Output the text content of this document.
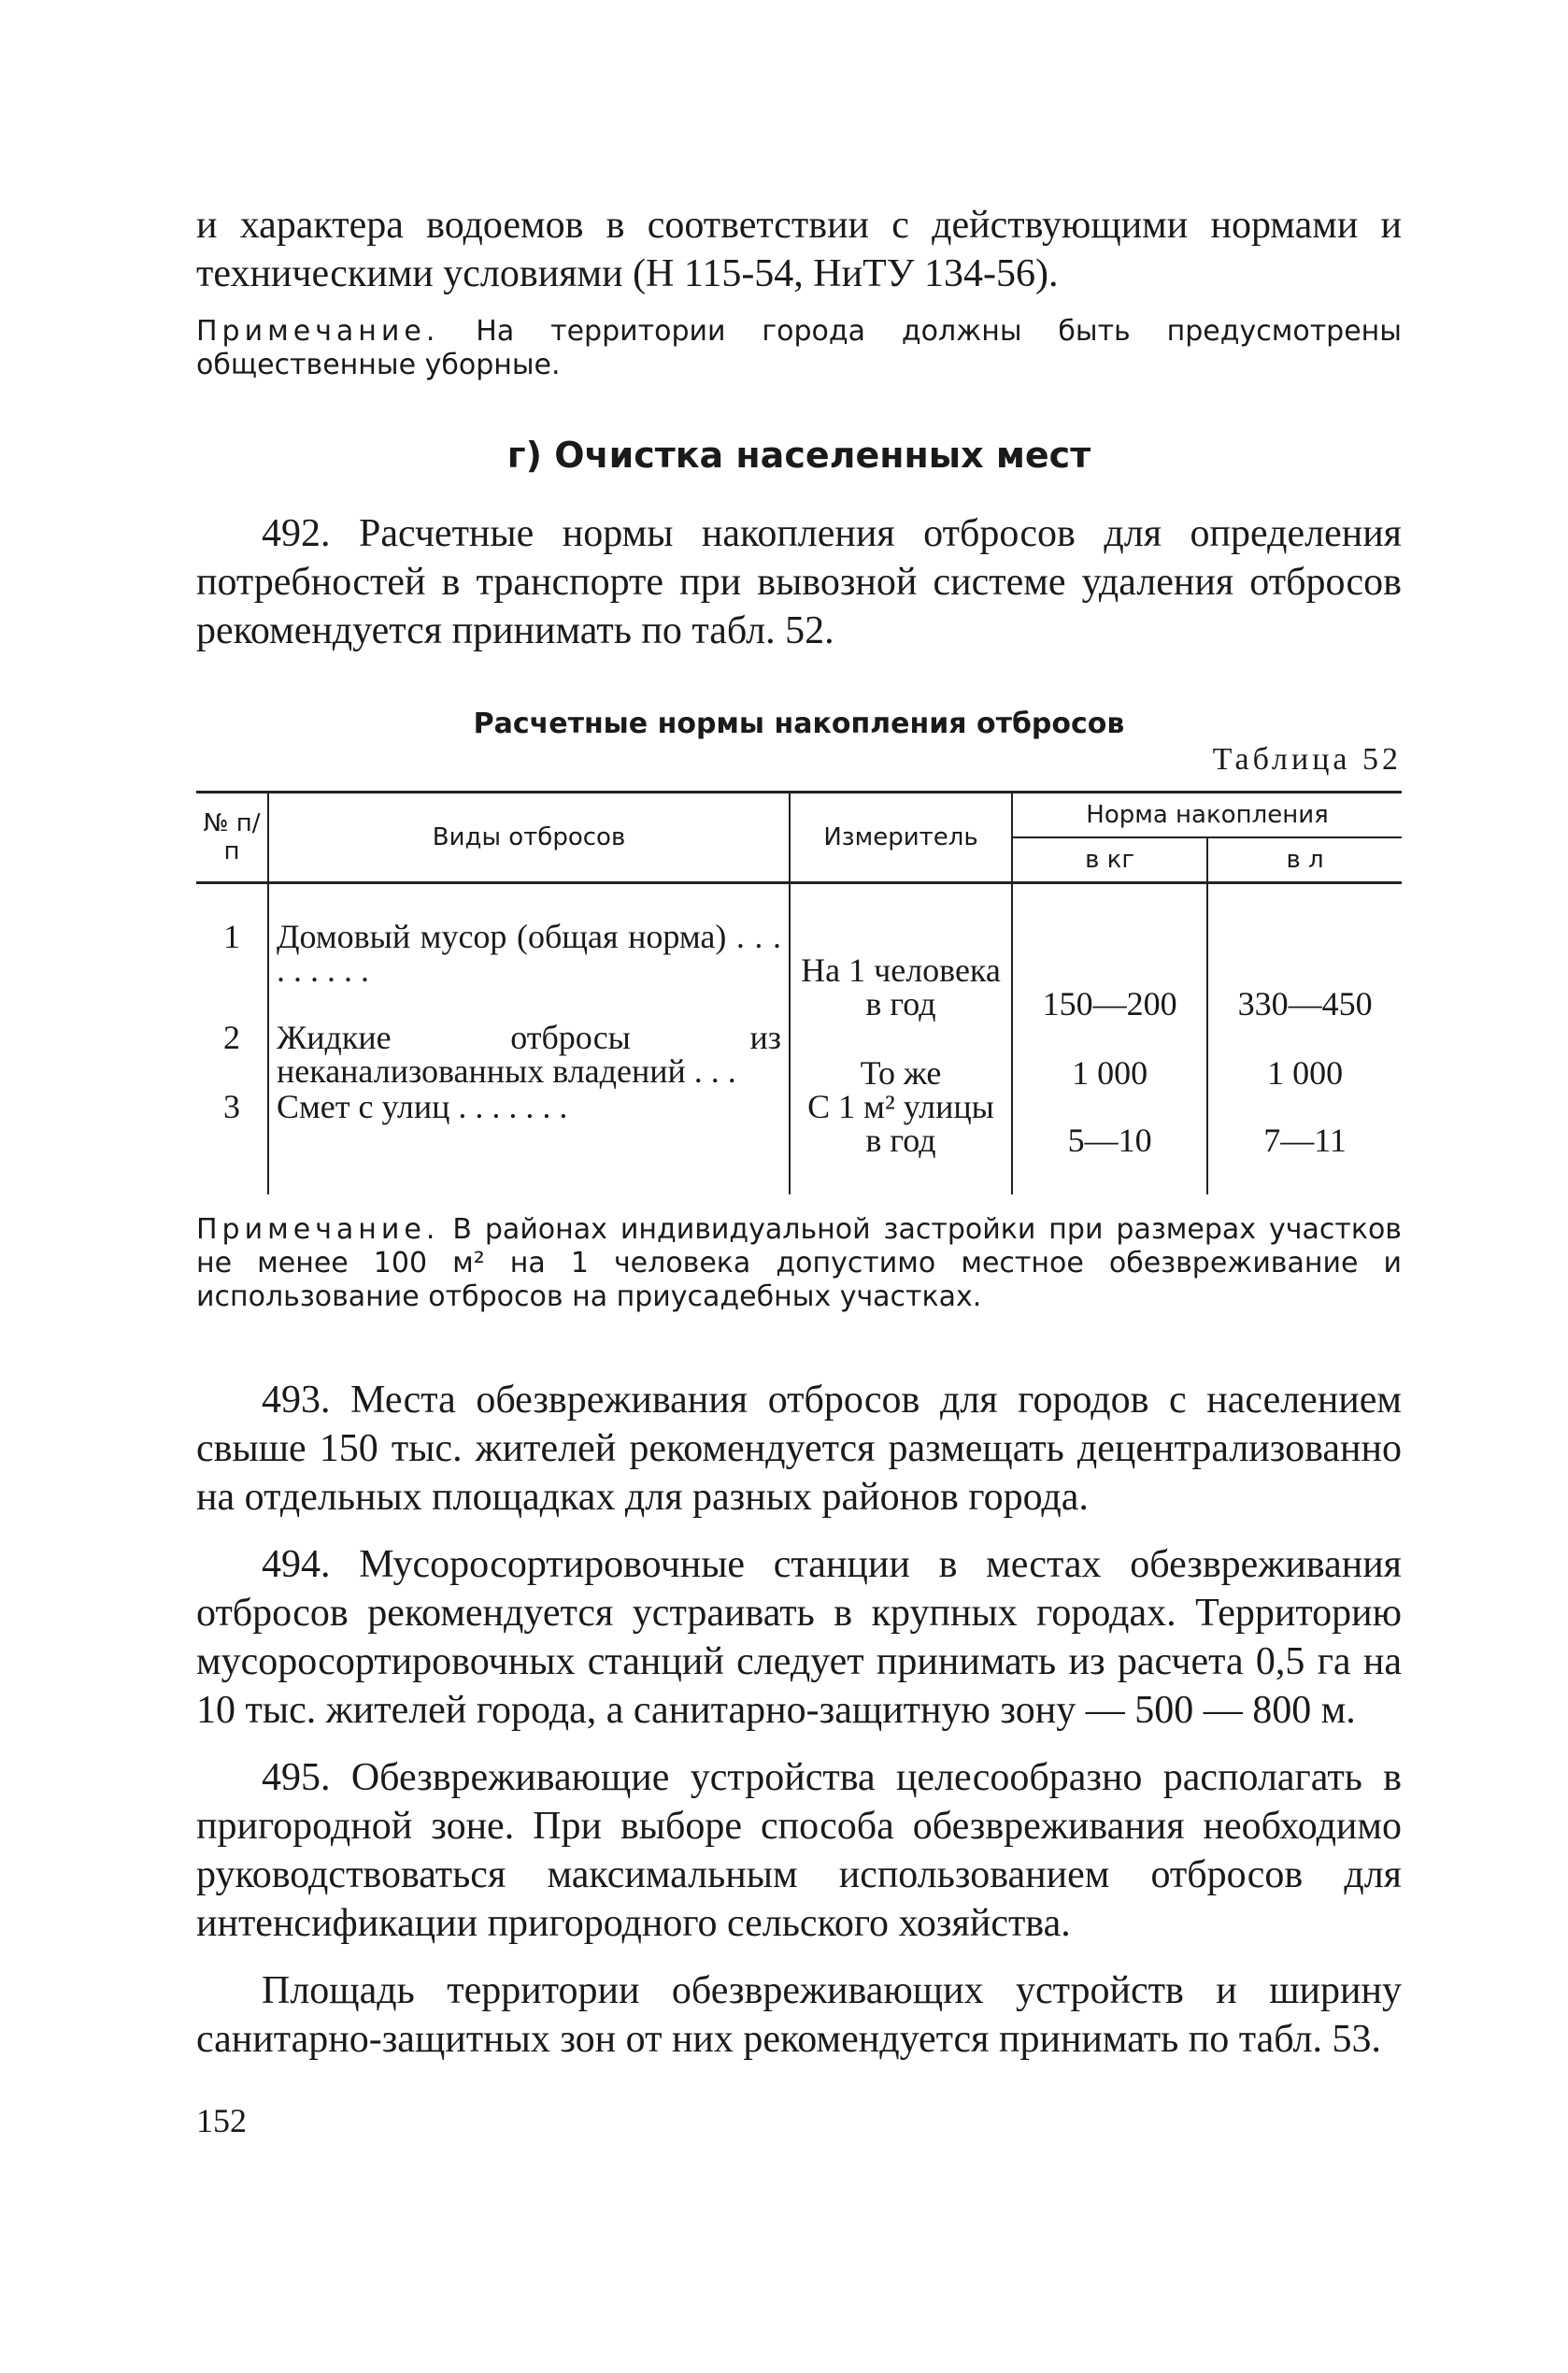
и характера водоемов в соответствии с действующими нормами и техническими условиями (Н 115-54, НиТУ 134-56).

Примечание. На территории города должны быть предусмотрены общественные уборные.

г) Очистка населенных мест

492. Расчетные нормы накопления отбросов для определения потребностей в транспорте при вывозной системе удаления отбросов рекомендуется принимать по табл. 52.

Расчетные нормы накопления отбросов
Таблица 52
№ п/п	Виды отбросов	Измеритель	Норма накопления	
			в кг	в л
1	Домовый мусор (общая норма) . . . . . . . . .	На 1 человека в год	150—200	330—450
2	Жидкие отбросы из неканализованных владений . . .	То же	1 000	1 000
3	Смет с улиц . . . . . . .	С 1 м² улицы в год	5—10	7—11

Примечание. В районах индивидуальной застройки при размерах участков не менее 100 м² на 1 человека допустимо местное обезвреживание и использование отбросов на приусадебных участках.

493. Места обезвреживания отбросов для городов с населением свыше 150 тыс. жителей рекомендуется размещать децентрализованно на отдельных площадках для разных районов города.

494. Мусоросортировочные станции в местах обезвреживания отбросов рекомендуется устраивать в крупных городах. Территорию мусоросортировочных станций следует принимать из расчета 0,5 га на 10 тыс. жителей города, а санитарно-защитную зону — 500 — 800 м.

495. Обезвреживающие устройства целесообразно располагать в пригородной зоне. При выборе способа обезвреживания необходимо руководствоваться максимальным использованием отбросов для интенсификации пригородного сельского хозяйства.

Площадь территории обезвреживающих устройств и ширину санитарно-защитных зон от них рекомендуется принимать по табл. 53.

152
